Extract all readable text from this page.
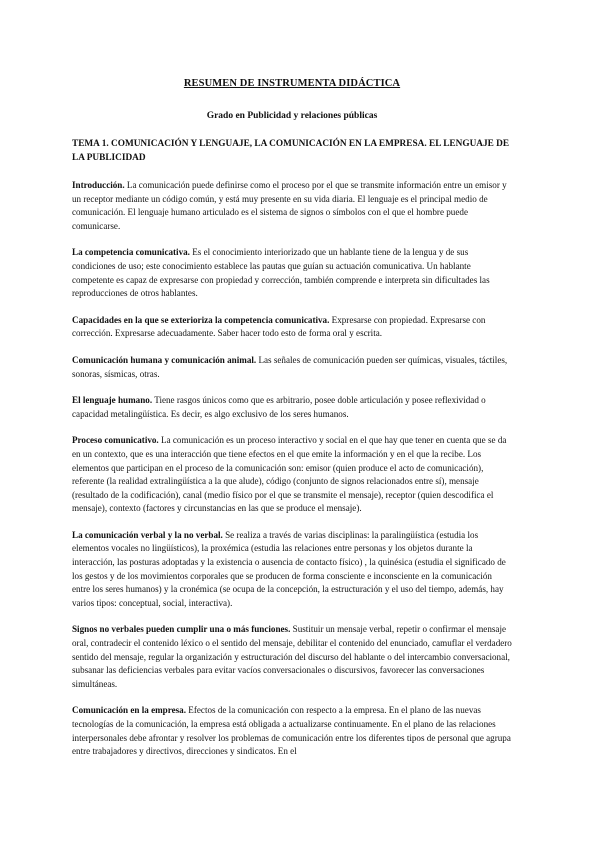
RESUMEN DE INSTRUMENTA DIDÁCTICA
Grado en Publicidad y relaciones públicas
TEMA 1. COMUNICACIÓN Y LENGUAJE, LA COMUNICACIÓN EN LA EMPRESA. EL LENGUAJE DE LA PUBLICIDAD
Introducción. La comunicación puede definirse como el proceso por el que se transmite información entre un emisor y un receptor mediante un código común, y está muy presente en su vida diaria. El lenguaje es el principal medio de comunicación. El lenguaje humano articulado es el sistema de signos o símbolos con el que el hombre puede comunicarse.
La competencia comunicativa. Es el conocimiento interiorizado que un hablante tiene de la lengua y de sus condiciones de uso; este conocimiento establece las pautas que guían su actuación comunicativa. Un hablante competente es capaz de expresarse con propiedad y corrección, también comprende e interpreta sin dificultades las reproducciones de otros hablantes.
Capacidades en la que se exterioriza la competencia comunicativa. Expresarse con propiedad. Expresarse con corrección. Expresarse adecuadamente. Saber hacer todo esto de forma oral y escrita.
Comunicación humana y comunicación animal. Las señales de comunicación pueden ser químicas, visuales, táctiles, sonoras, sísmicas, otras.
El lenguaje humano. Tiene rasgos únicos como que es arbitrario, posee doble articulación y posee reflexividad o capacidad metalingüística. Es decir, es algo exclusivo de los seres humanos.
Proceso comunicativo. La comunicación es un proceso interactivo y social en el que hay que tener en cuenta que se da en un contexto, que es una interacción que tiene efectos en el que emite la información y en el que la recibe. Los elementos que participan en el proceso de la comunicación son: emisor (quien produce el acto de comunicación), referente (la realidad extralingüística a la que alude), código (conjunto de signos relacionados entre sí), mensaje (resultado de la codificación), canal (medio físico por el que se transmite el mensaje), receptor (quien descodifica el mensaje), contexto (factores y circunstancias en las que se produce el mensaje).
La comunicación verbal y la no verbal. Se realiza a través de varias disciplinas: la paralingüística (estudia los elementos vocales no lingüísticos), la proxémica (estudia las relaciones entre personas y los objetos durante la interacción, las posturas adoptadas y la existencia o ausencia de contacto físico) , la quinésica (estudia el significado de los gestos y de los movimientos corporales que se producen de forma consciente e inconsciente en la comunicación entre los seres humanos) y la cronémica (se ocupa de la concepción, la estructuración y el uso del tiempo, además, hay varios tipos: conceptual, social, interactiva).
Signos no verbales pueden cumplir una o más funciones. Sustituir un mensaje verbal, repetir o confirmar el mensaje oral, contradecir el contenido léxico o el sentido del mensaje, debilitar el contenido del enunciado, camuflar el verdadero sentido del mensaje, regular la organización y estructuración del discurso del hablante o del intercambio conversacional, subsanar las deficiencias verbales para evitar vacíos conversacionales o discursivos, favorecer las conversaciones simultáneas.
Comunicación en la empresa. Efectos de la comunicación con respecto a la empresa. En el plano de las nuevas tecnologías de la comunicación, la empresa está obligada a actualizarse continuamente. En el plano de las relaciones interpersonales debe afrontar y resolver los problemas de comunicación entre los diferentes tipos de personal que agrupa entre trabajadores y directivos, direcciones y sindicatos. En el
